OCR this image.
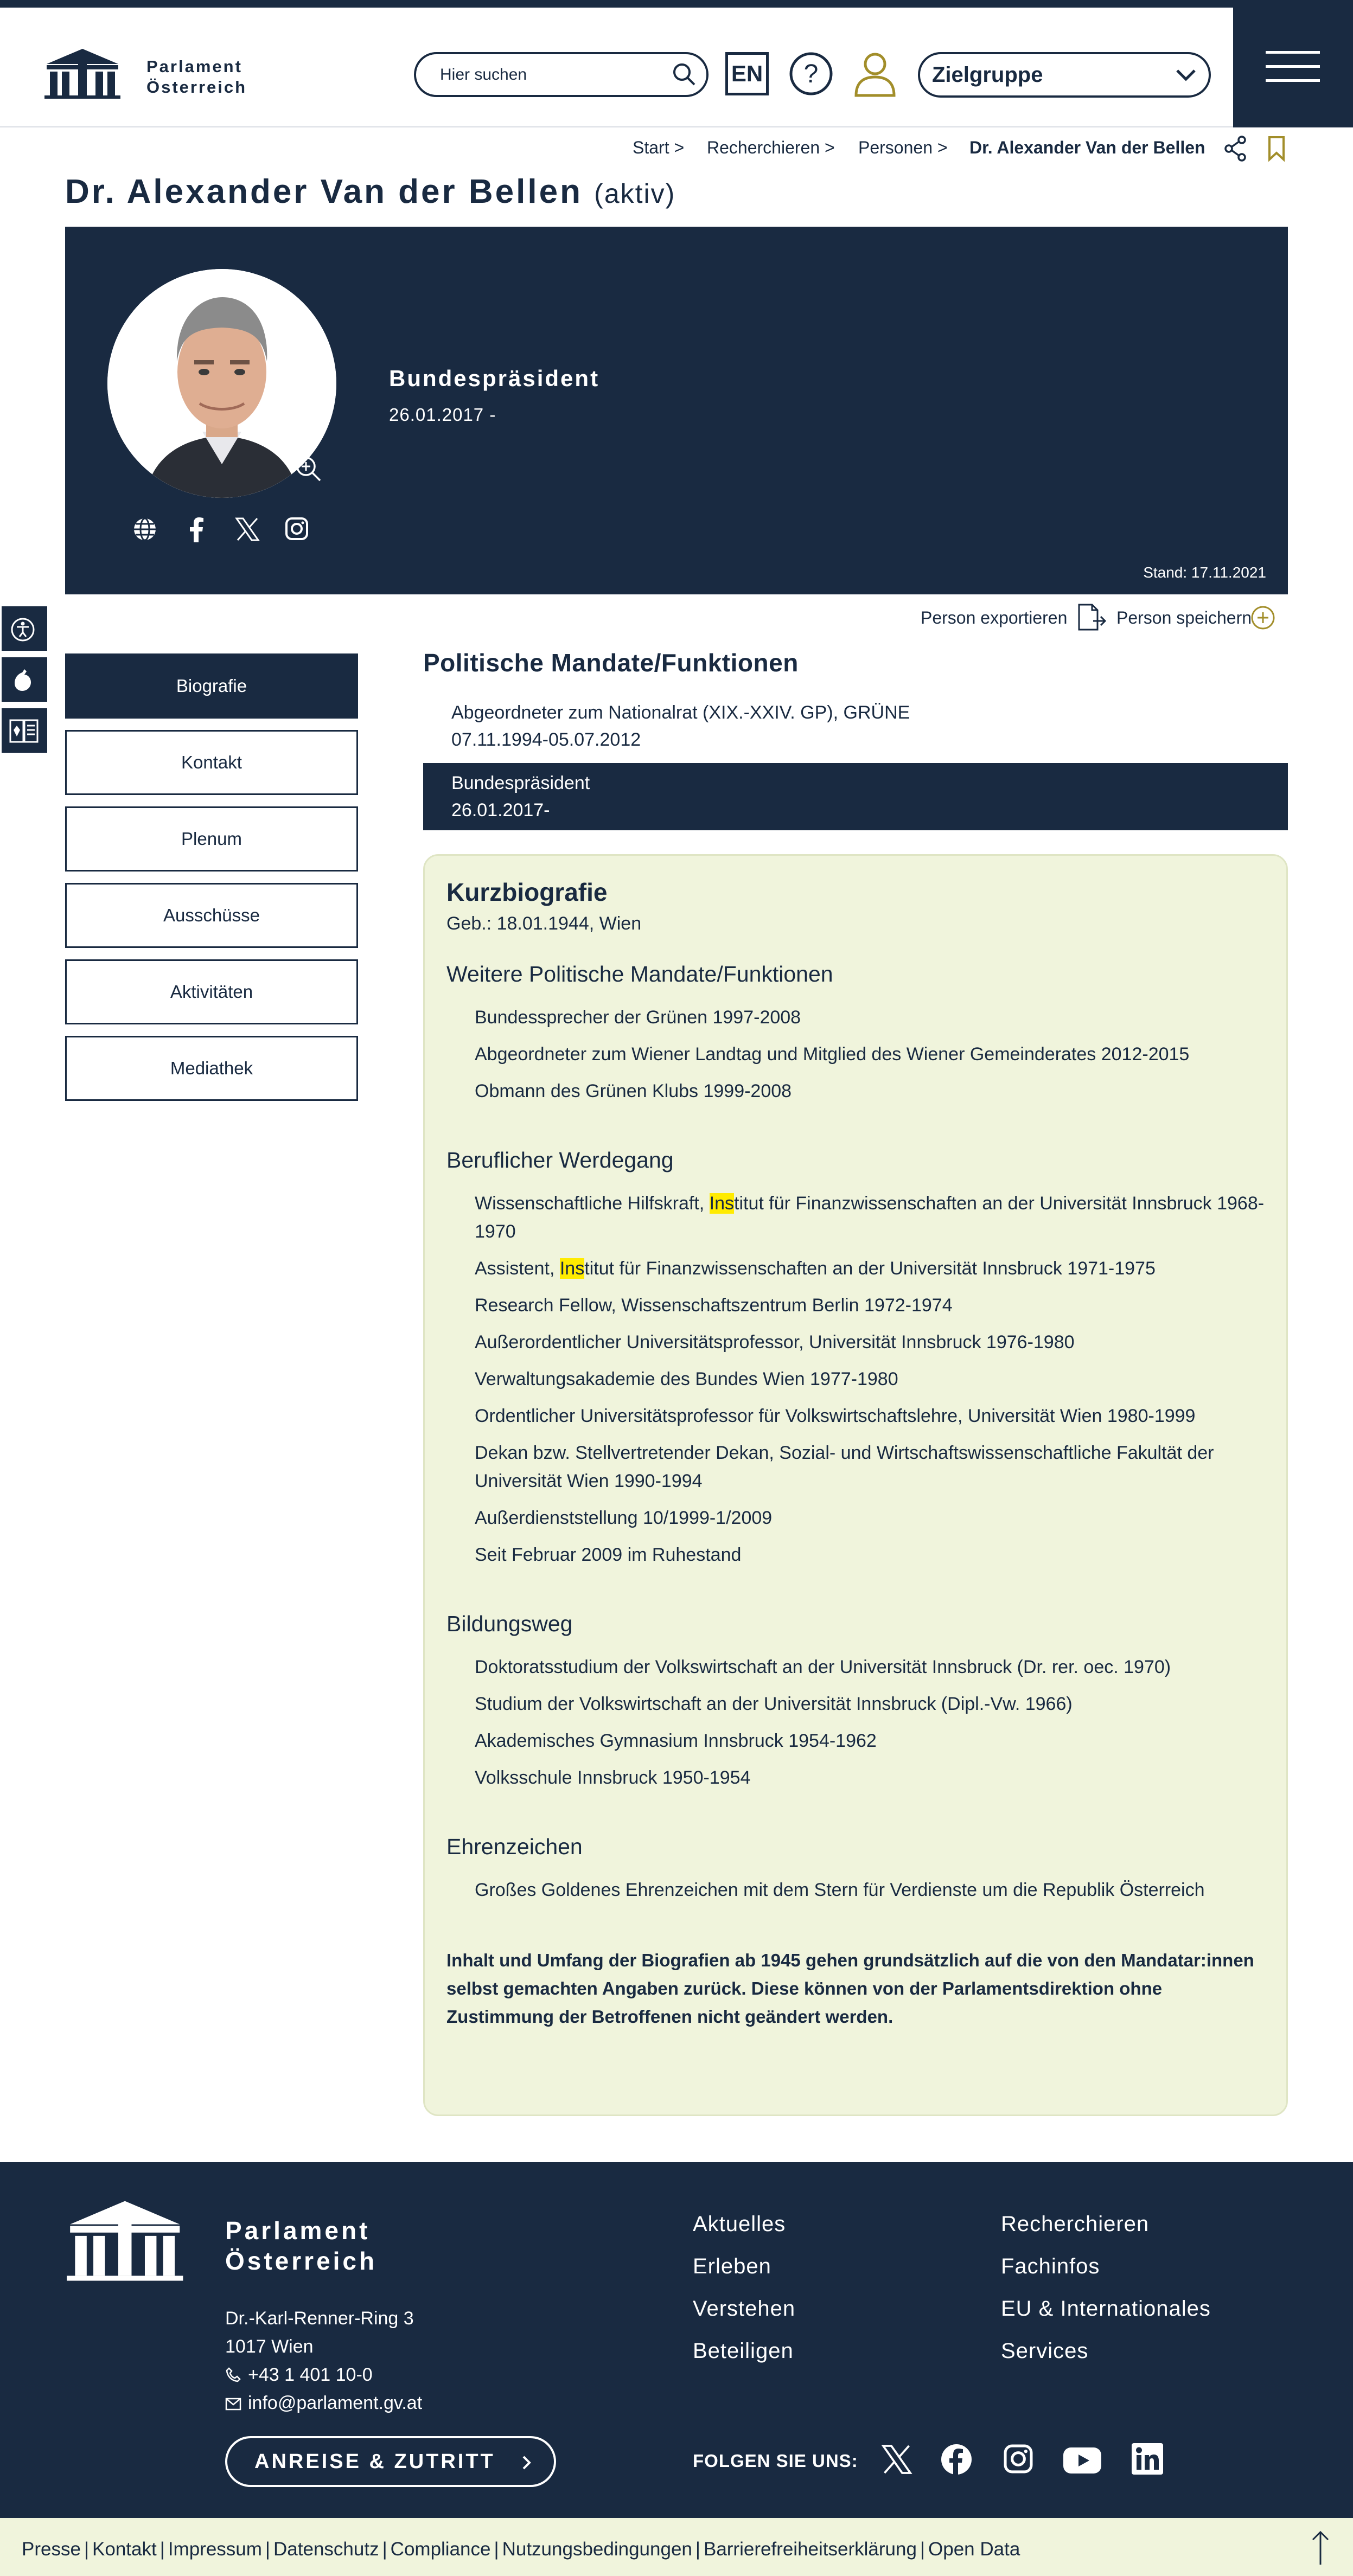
Parlament
Österreich
Hier suchen
EN ?	Zielgruppe
Start > Recherchieren > Personen > Dr. Alexander Van der Bellen
Dr. Alexander Van der Bellen (aktiv)
Bundespräsident
26.01.2017 -
Stand: 17.11.2021
Person exportieren	Person speichern
Biografie
Kontakt
Plenum
Ausschüsse
Aktivitäten
Mediathek
Politische Mandate/Funktionen
Abgeordneter zum Nationalrat (XIX.-XXIV. GP), GRÜNE
07.11.1994-05.07.2012
Bundespräsident
26.01.2017-
Kurzbiografie
Geb.: 18.01.1944, Wien
Weitere Politische Mandate/Funktionen
Bundessprecher der Grünen 1997-2008
Abgeordneter zum Wiener Landtag und Mitglied des Wiener Gemeinderates 2012-2015
Obmann des Grünen Klubs 1999-2008
Beruflicher Werdegang
Wissenschaftliche Hilfskraft, Institut für Finanzwissenschaften an der Universität Innsbruck 1968-1970
Assistent, Institut für Finanzwissenschaften an der Universität Innsbruck 1971-1975
Research Fellow, Wissenschaftszentrum Berlin 1972-1974
Außerordentlicher Universitätsprofessor, Universität Innsbruck 1976-1980
Verwaltungsakademie des Bundes Wien 1977-1980
Ordentlicher Universitätsprofessor für Volkswirtschaftslehre, Universität Wien 1980-1999
Dekan bzw. Stellvertretender Dekan, Sozial- und Wirtschaftswissenschaftliche Fakultät der Universität Wien 1990-1994
Außerdienststellung 10/1999-1/2009
Seit Februar 2009 im Ruhestand
Bildungsweg
Doktoratsstudium der Volkswirtschaft an der Universität Innsbruck (Dr. rer. oec. 1970)
Studium der Volkswirtschaft an der Universität Innsbruck (Dipl.-Vw. 1966)
Akademisches Gymnasium Innsbruck 1954-1962
Volksschule Innsbruck 1950-1954
Ehrenzeichen
Großes Goldenes Ehrenzeichen mit dem Stern für Verdienste um die Republik Österreich

Inhalt und Umfang der Biografien ab 1945 gehen grundsätzlich auf die von den Mandatar:innen selbst gemachten Angaben zurück. Diese können von der Parlamentsdirektion ohne Zustimmung der Betroffenen nicht geändert werden.

Parlament
Österreich
Dr.-Karl-Renner-Ring 3
1017 Wien
+43 1 401 10-0
info@parlament.gv.at
Aktuelles
Erleben
Verstehen
Beteiligen
Recherchieren
Fachinfos
EU & Internationales
Services
ANREISE & ZUTRITT	FOLGEN SIE UNS:
Presse | Kontakt | Impressum | Datenschutz | Compliance | Nutzungsbedingungen | Barrierefreiheitserklärung | Open Data
